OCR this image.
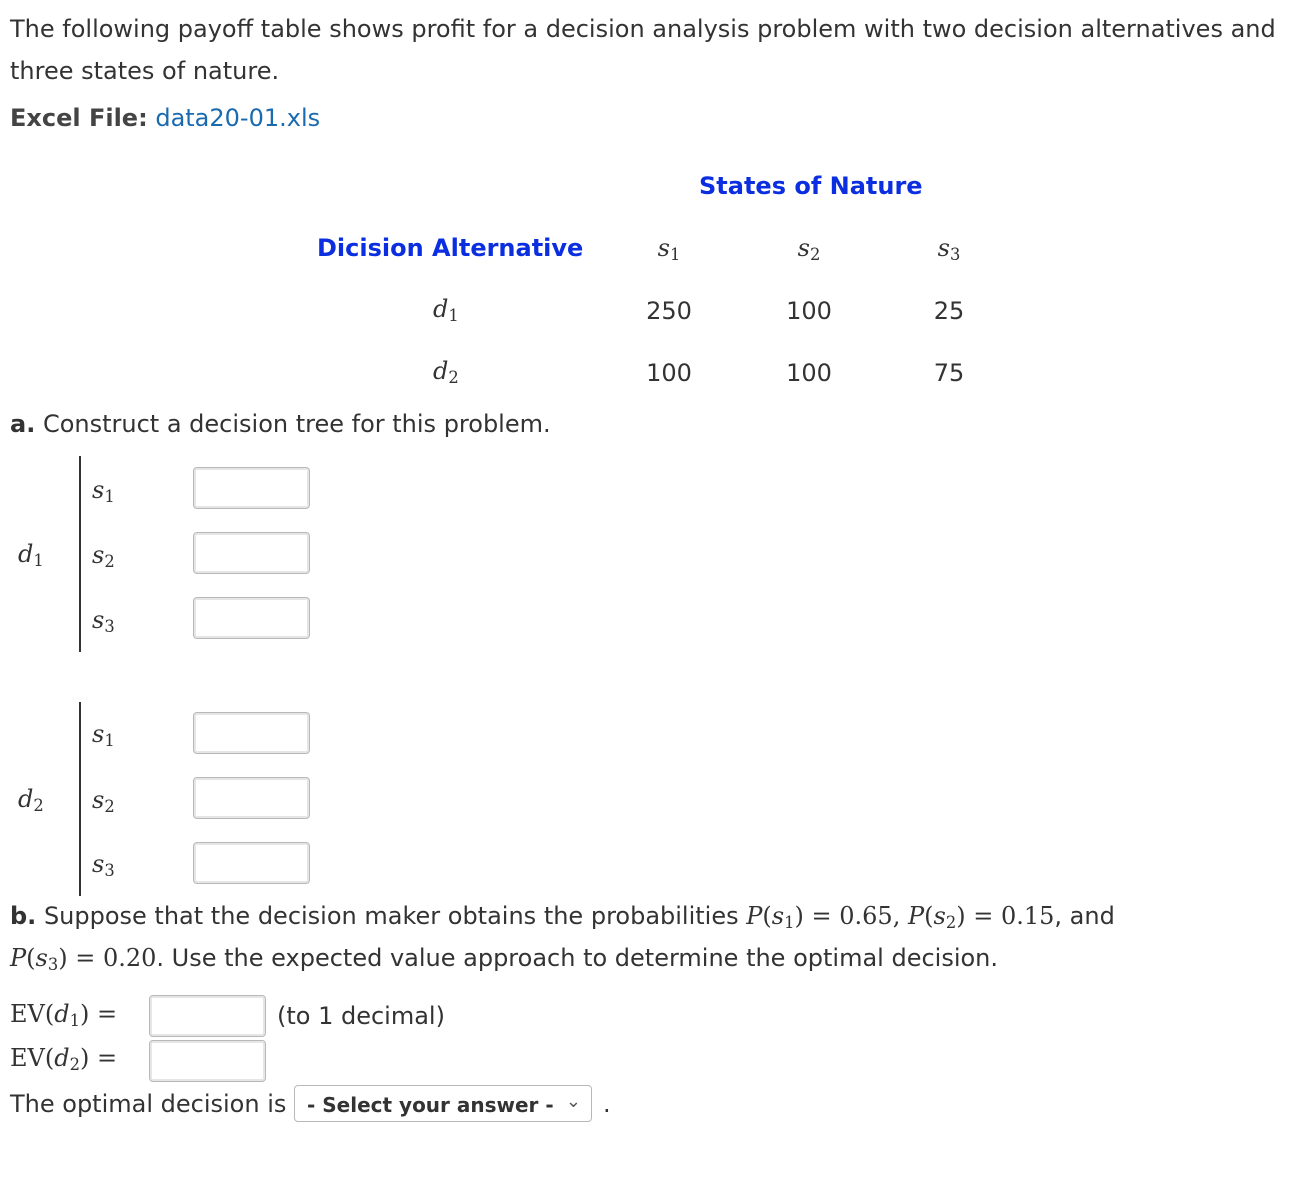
The following payoff table shows profit for a decision analysis problem with two decision alternatives and three states of nature.
Excel File: data20-01.xls
States of Nature
Dicision Alternative	$s_1$	$s_2$	$s_3$
$d_1$	250	100	25
$d_2$	100	100	75
a. Construct a decision tree for this problem.
$d_1$
$s_1$
$s_2$
$s_3$
$d_2$
$s_1$
$s_2$
$s_3$
b. Suppose that the decision maker obtains the probabilities $P(s_1) = 0.65$, $P(s_2) = 0.15$, and
$P(s_3) = 0.20$. Use the expected value approach to determine the optimal decision.
$EV(d_1)$ =	(to 1 decimal)
$EV(d_2)$ =
The optimal decision is - Select your answer - ⌄ .
